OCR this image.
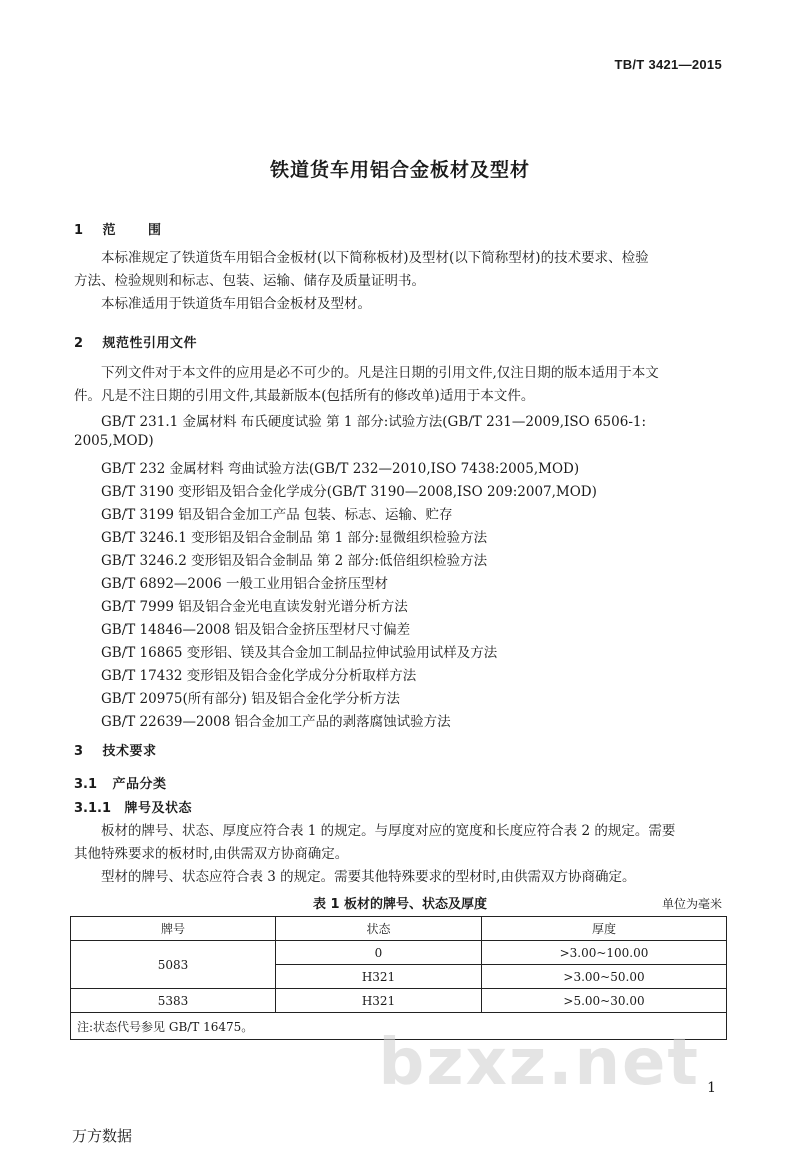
TB/T 3421—2015
铁道货车用铝合金板材及型材
1 范 围

本标准规定了铁道货车用铝合金板材(以下简称板材)及型材(以下简称型材)的技术要求、检验

方法、检验规则和标志、包装、运输、储存及质量证明书。

本标准适用于铁道货车用铝合金板材及型材。

2 规范性引用文件

下列文件对于本文件的应用是必不可少的。凡是注日期的引用文件,仅注日期的版本适用于本文

件。凡是不注日期的引用文件,其最新版本(包括所有的修改单)适用于本文件。

GB/T 231.1 金属材料 布氏硬度试验 第 1 部分:试验方法(GB/T 231—2009,ISO 6506-1:
2005,MOD)
GB/T 232 金属材料 弯曲试验方法(GB/T 232—2010,ISO 7438:2005,MOD)
GB/T 3190 变形铝及铝合金化学成分(GB/T 3190—2008,ISO 209:2007,MOD)
GB/T 3199 铝及铝合金加工产品 包装、标志、运输、贮存
GB/T 3246.1 变形铝及铝合金制品 第 1 部分:显微组织检验方法
GB/T 3246.2 变形铝及铝合金制品 第 2 部分:低倍组织检验方法
GB/T 6892—2006 一般工业用铝合金挤压型材
GB/T 7999 铝及铝合金光电直读发射光谱分析方法
GB/T 14846—2008 铝及铝合金挤压型材尺寸偏差
GB/T 16865 变形铝、镁及其合金加工制品拉伸试验用试样及方法
GB/T 17432 变形铝及铝合金化学成分分析取样方法
GB/T 20975(所有部分) 铝及铝合金化学分析方法
GB/T 22639—2008 铝合金加工产品的剥落腐蚀试验方法
3 技术要求
3.1 产品分类
3.1.1 牌号及状态

板材的牌号、状态、厚度应符合表 1 的规定。与厚度对应的宽度和长度应符合表 2 的规定。需要

其他特殊要求的板材时,由供需双方协商确定。

型材的牌号、状态应符合表 3 的规定。需要其他特殊要求的型材时,由供需双方协商确定。

表 1 板材的牌号、状态及厚度	单位为毫米
牌号	状态	厚度
5083	0	>3.00~100.00
	H321	>3.00~50.00
5383	H321	>5.00~30.00
注:状态代号参见 GB/T 16475。		bzxz.net 1
万方数据
